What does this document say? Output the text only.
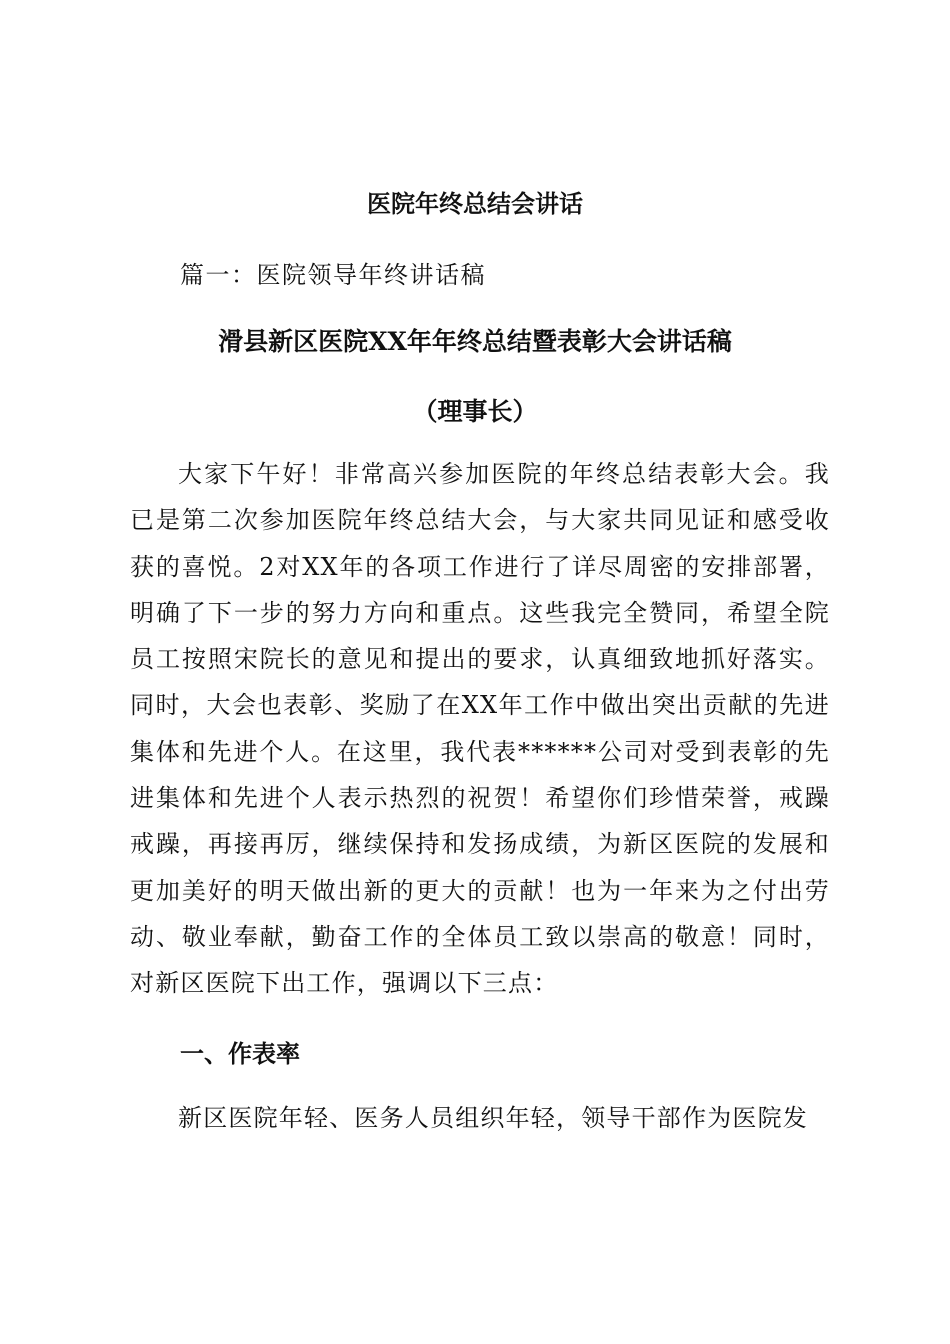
医院年终总结会讲话
篇一：医院领导年终讲话稿
滑县新区医院XX年年终总结暨表彰大会讲话稿
（理事长）
大家下午好！非常高兴参加医院的年终总结表彰大会。我已是第二次参加医院年终总结大会，与大家共同见证和感受收获的喜悦。2对XX年的各项工作进行了详尽周密的安排部署，明确了下一步的努力方向和重点。这些我完全赞同，希望全院员工按照宋院长的意见和提出的要求，认真细致地抓好落实。同时，大会也表彰、奖励了在XX年工作中做出突出贡献的先进集体和先进个人。在这里，我代表******公司对受到表彰的先进集体和先进个人表示热烈的祝贺！希望你们珍惜荣誉，戒躁戒躁，再接再厉，继续保持和发扬成绩，为新区医院的发展和更加美好的明天做出新的更大的贡献！也为一年来为之付出劳动、敬业奉献，勤奋工作的全体员工致以崇高的敬意！同时，对新区医院下出工作，强调以下三点：
一、作表率
新区医院年轻、医务人员组织年轻，领导干部作为医院发
